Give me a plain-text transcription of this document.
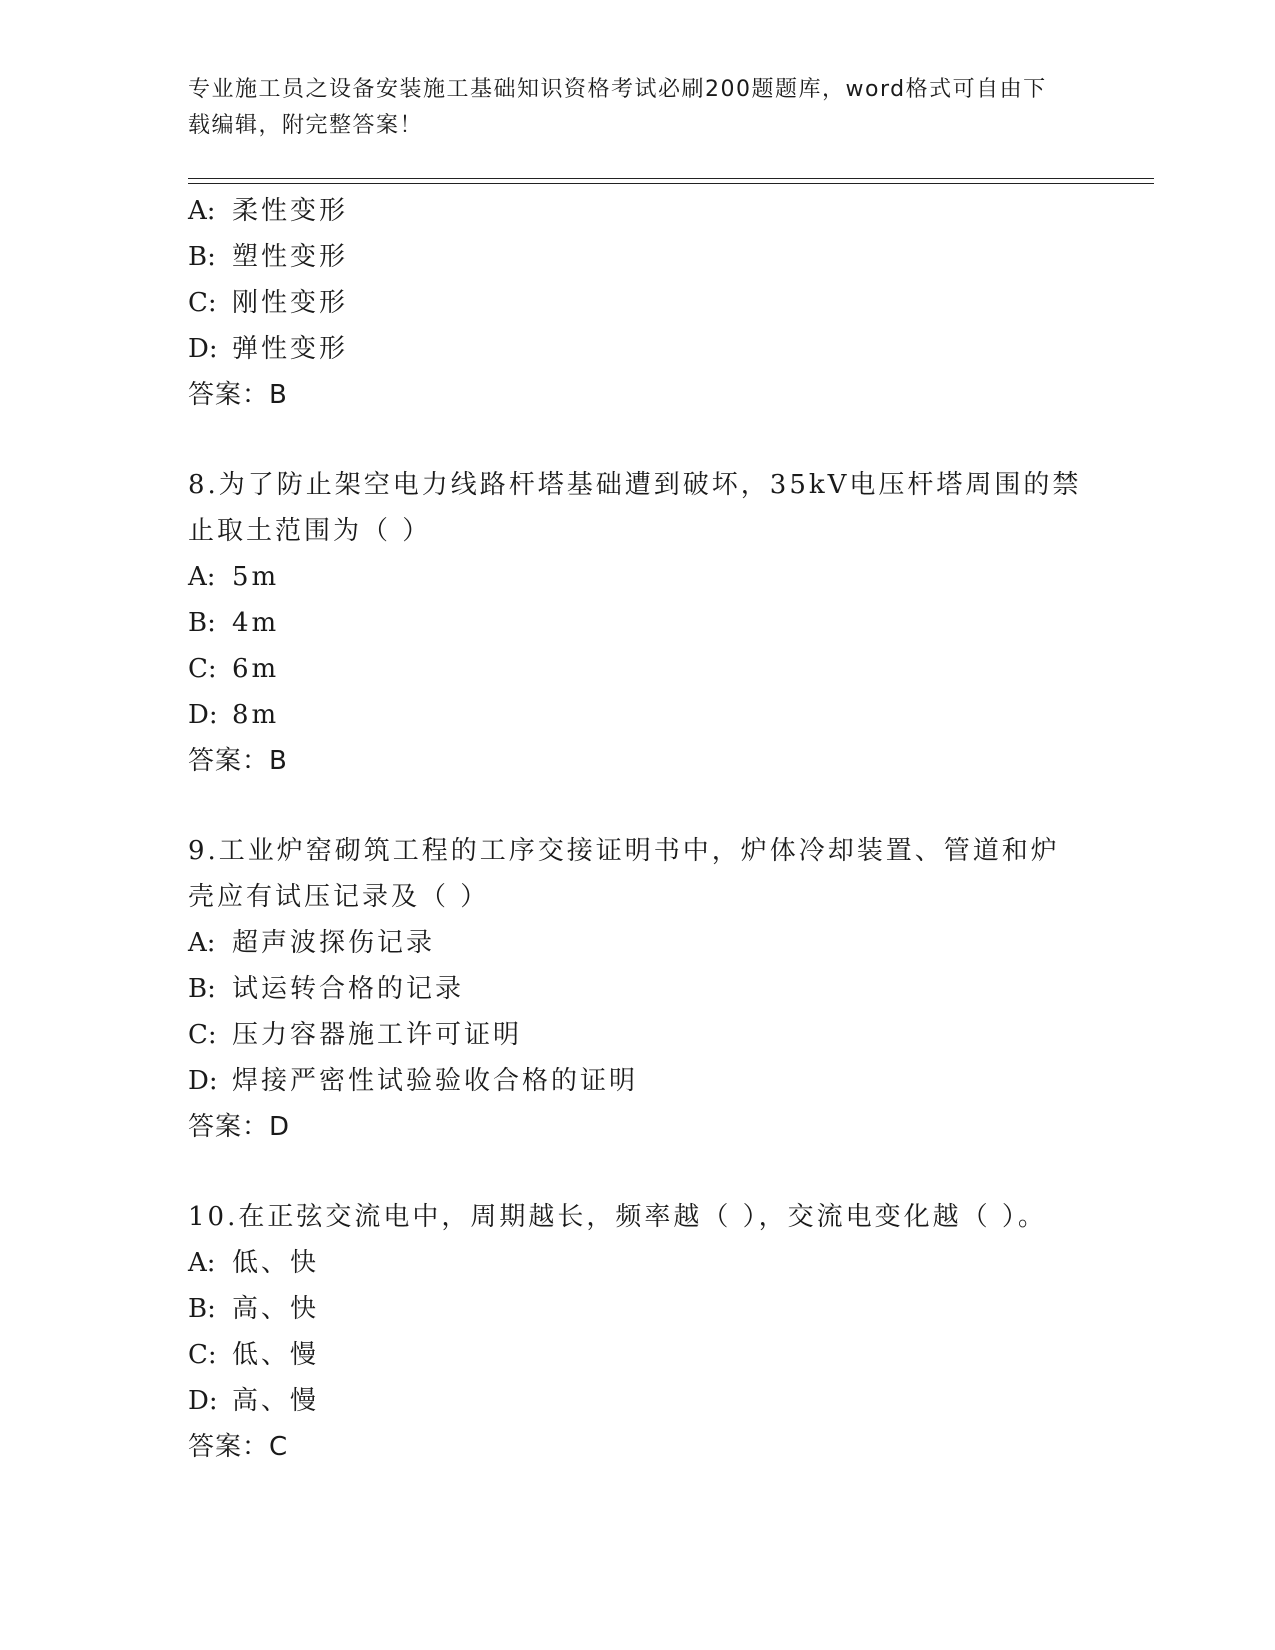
专业施工员之设备安装施工基础知识资格考试必刷200题题库，word格式可自由下载编辑，附完整答案！
A: 柔性变形
B: 塑性变形
C: 刚性变形
D: 弹性变形
答案：B
8.为了防止架空电力线路杆塔基础遭到破坏，35kV电压杆塔周围的禁止取土范围为（ ）
A: 5m
B: 4m
C: 6m
D: 8m
答案：B
9.工业炉窑砌筑工程的工序交接证明书中，炉体冷却装置、管道和炉壳应有试压记录及（ ）
A: 超声波探伤记录
B: 试运转合格的记录
C: 压力容器施工许可证明
D: 焊接严密性试验验收合格的证明
答案：D
10.在正弦交流电中，周期越长，频率越（ ），交流电变化越（ ）。
A: 低、快
B: 高、快
C: 低、慢
D: 高、慢
答案：C
